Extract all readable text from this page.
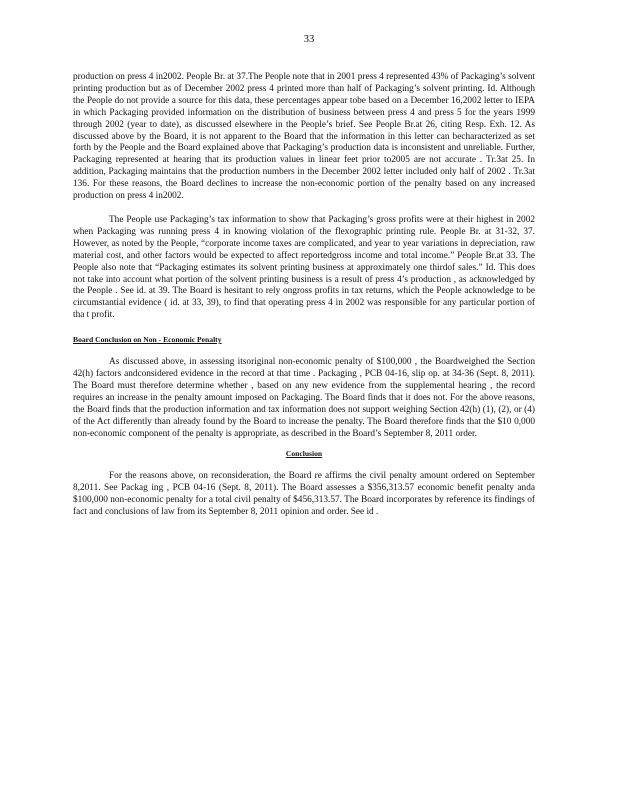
33

production on press 4 in2002. People Br. at 37.The People note that in 2001 press 4 represented 43% of Packaging’s solvent printing production but as of December 2002 press 4 printed more than half of Packaging’s solvent printing. Id. Although the People do not provide a source for this data, these percentages appear tobe based on a December 16,2002 letter to IEPA in which Packaging provided information on the distribution of business between press 4 and press 5 for the years 1999 through 2002 (year to date), as discussed elsewhere in the People’s brief. See People Br.at 26, citing Resp. Exh. 12. As discussed above by the Board, it is not apparent to the Board that the information in this letter can becharacterized as set forth by the People and the Board explained above that Packaging’s production data is inconsistent and unreliable. Further, Packaging represented at hearing that its production values in linear feet prior to2005 are not accurate . Tr.3at 25. In addition, Packaging maintains that the production numbers in the December 2002 letter included only half of 2002 . Tr.3at 136. For these reasons, the Board declines to increase the non-economic portion of the penalty based on any increased production on press 4 in2002.

The People use Packaging’s tax information to show that Packaging’s gross profits were at their highest in 2002 when Packaging was running press 4 in knowing violation of the flexographic printing rule. People Br. at 31-32, 37. However, as noted by the People, “corporate income taxes are complicated, and year to year variations in depreciation, raw material cost, and other factors would be expected to affect reportedgross income and total income.” People Br.at 33. The People also note that “Packaging estimates its solvent printing business at approximately one thirdof sales.” Id. This does not take into account what portion of the solvent printing business is a result of press 4’s production , as acknowledged by the People . See id. at 39. The Board is hesitant to rely ongross profits in tax returns, which the People acknowledge to be circumstantial evidence ( id. at 33, 39), to find that operating press 4 in 2002 was responsible for any particular portion of tha t profit.

Board Conclusion on Non - Economic Penalty

As discussed above, in assessing itsoriginal non-economic penalty of $100,000 , the Boardweighed the Section 42(h) factors andconsidered evidence in the record at that time . Packaging , PCB 04-16, slip op. at 34-36 (Sept. 8, 2011). The Board must therefore determine whether , based on any new evidence from the supplemental hearing , the record requires an increase in the penalty amount imposed on Packaging. The Board finds that it does not. For the above reasons, the Board finds that the production information and tax information does not support weighing Section 42(h) (1), (2), or (4) of the Act differently than already found by the Board to increase the penalty. The Board therefore finds that the $10 0,000 non-economic component of the penalty is appropriate, as described in the Board’s September 8, 2011 order.

Conclusion

For the reasons above, on reconsideration, the Board re affirms the civil penalty amount ordered on September 8,2011. See Packag ing , PCB 04-16 (Sept. 8, 2011). The Board assesses a $356,313.57 economic benefit penalty anda $100,000 non-economic penalty for a total civil penalty of $456,313.57. The Board incorporates by reference its findings of fact and conclusions of law from its September 8, 2011 opinion and order. See id .
